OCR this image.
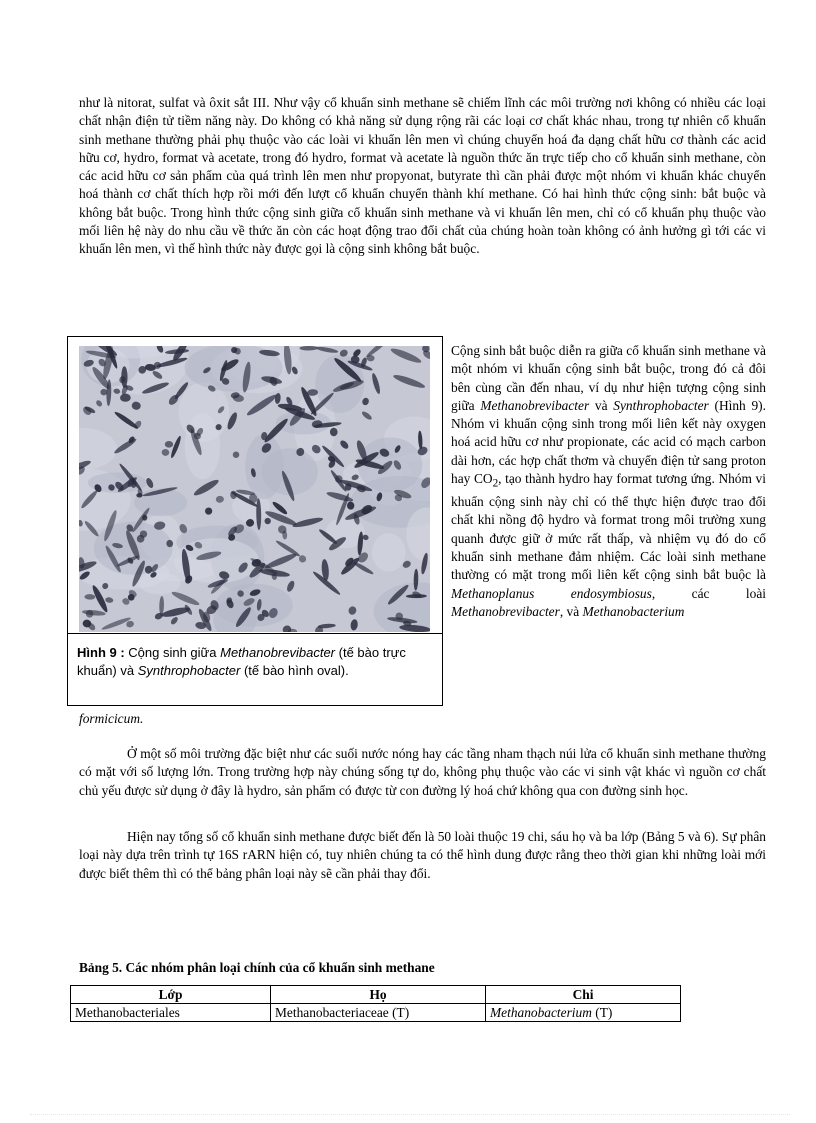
như là nitorat, sulfat và ôxit sắt III. Như vậy cổ khuẩn sinh methane sẽ chiếm lĩnh các môi trường nơi không có nhiều các loại chất nhận điện tử tiềm năng này. Do không có khả năng sử dụng rộng rãi các loại cơ chất khác nhau, trong tự nhiên cổ khuẩn sinh methane thường phải phụ thuộc vào các loài vi khuẩn lên men vì chúng chuyển hoá đa dạng chất hữu cơ thành các acid hữu cơ, hydro, format và acetate, trong đó hydro, format và acetate là nguồn thức ăn trực tiếp cho cổ khuẩn sinh methane, còn các acid hữu cơ sản phẩm của quá trình lên men như propyonat, butyrate thì cần phải được một nhóm vi khuẩn khác chuyển hoá thành cơ chất thích hợp rồi mới đến lượt cổ khuẩn chuyển thành khí methane. Có hai hình thức cộng sinh: bắt buộc và không bắt buộc. Trong hình thức cộng sinh giữa cổ khuẩn sinh methane và vi khuẩn lên men, chỉ có cổ khuẩn phụ thuộc vào mối liên hệ này do nhu cầu về thức ăn còn các hoạt động trao đổi chất của chúng hoàn toàn không có ảnh hưởng gì tới các vi khuẩn lên men, vì thế hình thức này được gọi là cộng sinh không bắt buộc.

Hình 9 : Cộng sinh giữa Methanobrevibacter (tế bào trực khuẩn) và Synthrophobacter (tế bào hình oval).

Cộng sinh bắt buộc diễn ra giữa cổ khuẩn sinh methane và một nhóm vi khuẩn cộng sinh bắt buộc, trong đó cả đôi bên cùng cần đến nhau, ví dụ như hiện tượng cộng sinh giữa Methanobrevibacter và Synthrophobacter (Hình 9). Nhóm vi khuẩn cộng sinh trong mối liên kết này oxygen hoá acid hữu cơ như propionate, các acid có mạch carbon dài hơn, các hợp chất thơm và chuyển điện tử sang proton hay $CO_2$, tạo thành hydro hay format tương ứng. Nhóm vi khuẩn cộng sinh này chỉ có thể thực hiện được trao đổi chất khi nồng độ hydro và format trong môi trường xung quanh được giữ ở mức rất thấp, và nhiệm vụ đó do cổ khuẩn sinh methane đảm nhiệm. Các loài sinh methane thường có mặt trong mối liên kết cộng sinh bắt buộc là Methanoplanus endosymbiosus, các loài Methanobrevibacter, và Methanobacterium

formicicum.

Ở một số môi trường đặc biệt như các suối nước nóng hay các tầng nham thạch núi lửa cổ khuẩn sinh methane thường có mặt với số lượng lớn. Trong trường hợp này chúng sống tự do, không phụ thuộc vào các vi sinh vật khác vì nguồn cơ chất chủ yếu được sử dụng ở đây là hydro, sản phẩm có được từ con đường lý hoá chứ không qua con đường sinh học.

Hiện nay tổng số cổ khuẩn sinh methane được biết đến là 50 loài thuộc 19 chi, sáu họ và ba lớp (Bảng 5 và 6). Sự phân loại này dựa trên trình tự 16S rARN hiện có, tuy nhiên chúng ta có thể hình dung được rằng theo thời gian khi những loài mới được biết thêm thì có thể bảng phân loại này sẽ cần phải thay đổi.

Bảng 5. Các nhóm phân loại chính của cổ khuẩn sinh methane

Lớp	Họ	Chi
Methanobacteriales	Methanobacteriaceae (T)	Methanobacterium (T)
